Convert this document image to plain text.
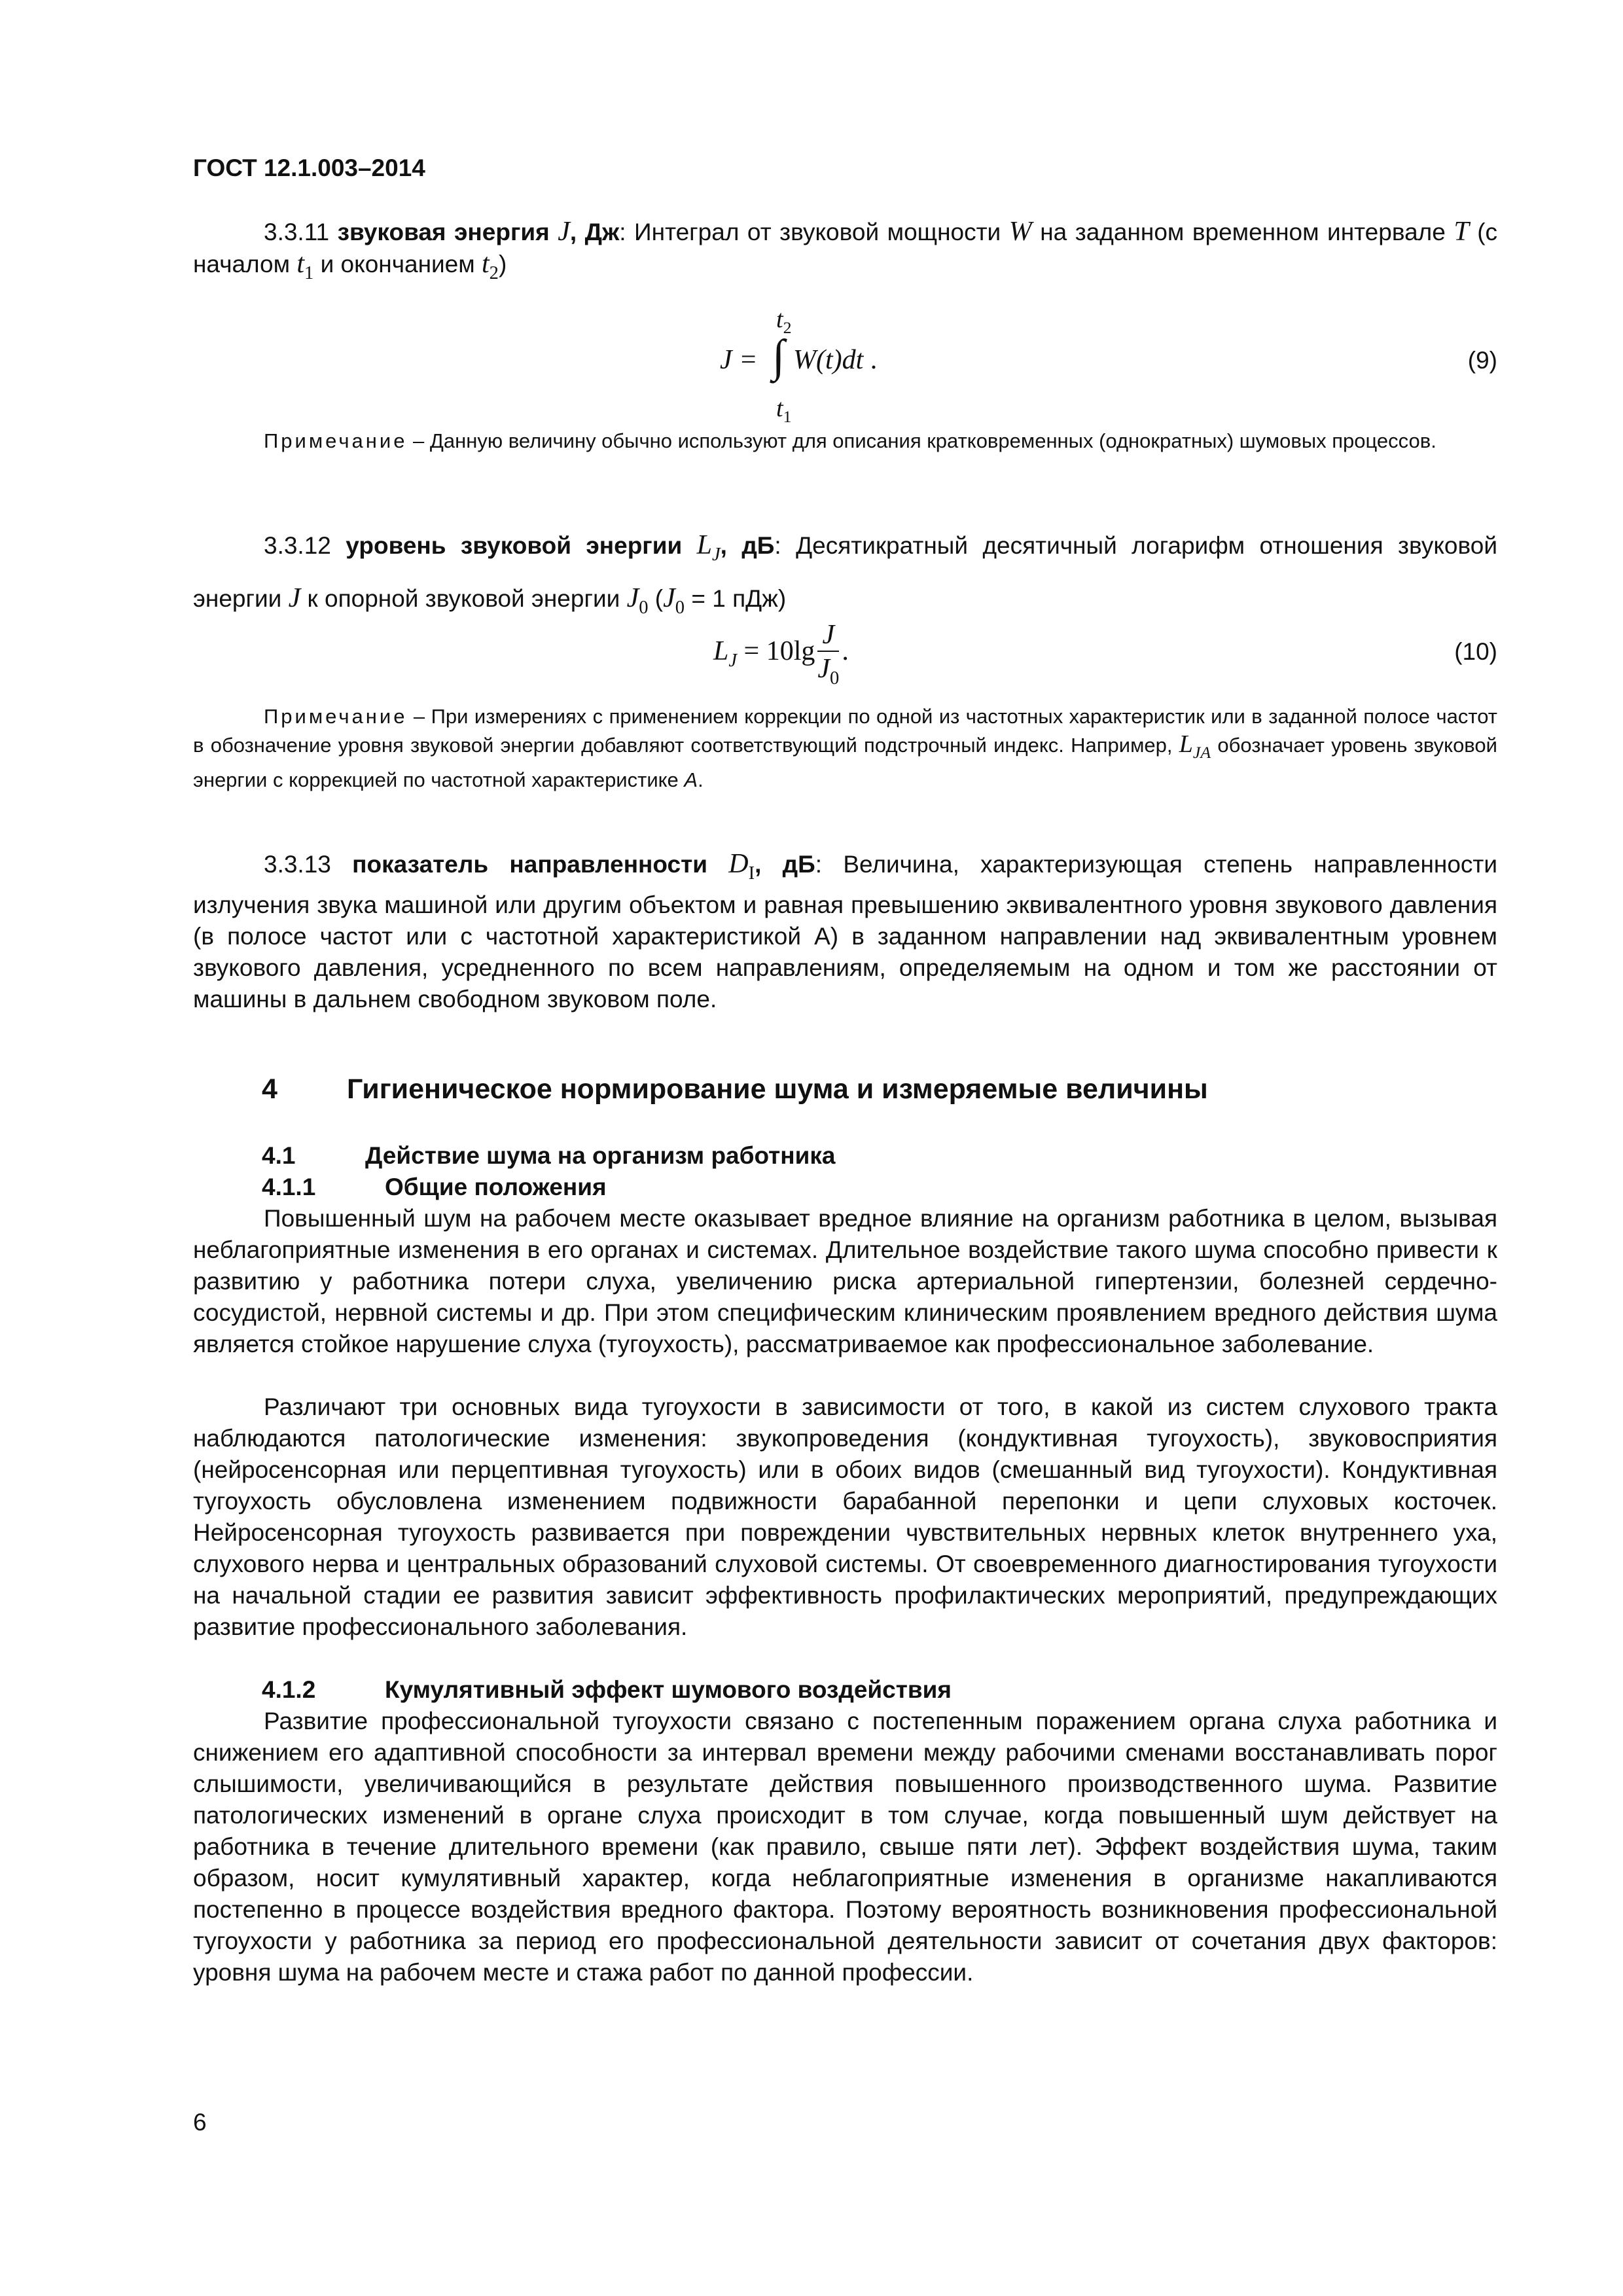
ГОСТ 12.1.003–2014
3.3.11 звуковая энергия J, Дж: Интеграл от звуковой мощности W на заданном временном интервале T (с началом $t_1$ и окончанием $t_2$)
$t_2$
J = ∫ W(t)dt .
$t_1$
(9)
Примечание – Данную величину обычно используют для описания кратковременных (однократных) шумовых процессов.
3.3.12 уровень звуковой энергии $L_J$, дБ: Десятикратный десятичный логарифм отношения звуковой энергии J к опорной звуковой энергии $J_0$ ($J_0 = 1$ пДж)
$L_J = 10\lg \frac{J}{J_0}$ .	(10)
Примечание – При измерениях с применением коррекции по одной из частотных характеристик или в заданной полосе частот в обозначение уровня звуковой энергии добавляют соответствующий подстрочный индекс. Например, $L_{JA}$ обозначает уровень звуковой энергии с коррекцией по частотной характеристике А.
3.3.13 показатель направленности $D_I$, дБ: Величина, характеризующая степень направленности излучения звука машиной или другим объектом и равная превышению эквивалентного уровня звукового давления (в полосе частот или с частотной характеристикой А) в заданном направлении над эквивалентным уровнем звукового давления, усредненного по всем направлениям, определяемым на одном и том же расстоянии от машины в дальнем свободном звуковом поле.
4 Гигиеническое нормирование шума и измеряемые величины
4.1	Действие шума на организм работника
4.1.1	Общие положения
Повышенный шум на рабочем месте оказывает вредное влияние на организм работника в целом, вызывая неблагоприятные изменения в его органах и системах. Длительное воздействие такого шума способно привести к развитию у работника потери слуха, увеличению риска артериальной гипертензии, болезней сердечно-сосудистой, нервной системы и др. При этом специфическим клиническим проявлением вредного действия шума является стойкое нарушение слуха (тугоухость), рассматриваемое как профессиональное заболевание.
Различают три основных вида тугоухости в зависимости от того, в какой из систем слухового тракта наблюдаются патологические изменения: звукопроведения (кондуктивная тугоухость), звуковосприятия (нейросенсорная или перцептивная тугоухость) или в обоих видов (смешанный вид тугоухости). Кондуктивная тугоухость обусловлена изменением подвижности барабанной перепонки и цепи слуховых косточек. Нейросенсорная тугоухость развивается при повреждении чувствительных нервных клеток внутреннего уха, слухового нерва и центральных образований слуховой системы. От своевременного диагностирования тугоухости на начальной стадии ее развития зависит эффективность профилактических мероприятий, предупреждающих развитие профессионального заболевания.
4.1.2	Кумулятивный эффект шумового воздействия
Развитие профессиональной тугоухости связано с постепенным поражением органа слуха работника и снижением его адаптивной способности за интервал времени между рабочими сменами восстанавливать порог слышимости, увеличивающийся в результате действия повышенного производственного шума. Развитие патологических изменений в органе слуха происходит в том случае, когда повышенный шум действует на работника в течение длительного времени (как правило, свыше пяти лет). Эффект воздействия шума, таким образом, носит кумулятивный характер, когда неблагоприятные изменения в организме накапливаются постепенно в процессе воздействия вредного фактора. Поэтому вероятность возникновения профессиональной тугоухости у работника за период его профессиональной деятельности зависит от сочетания двух факторов: уровня шума на рабочем месте и стажа работ по данной профессии.
6
